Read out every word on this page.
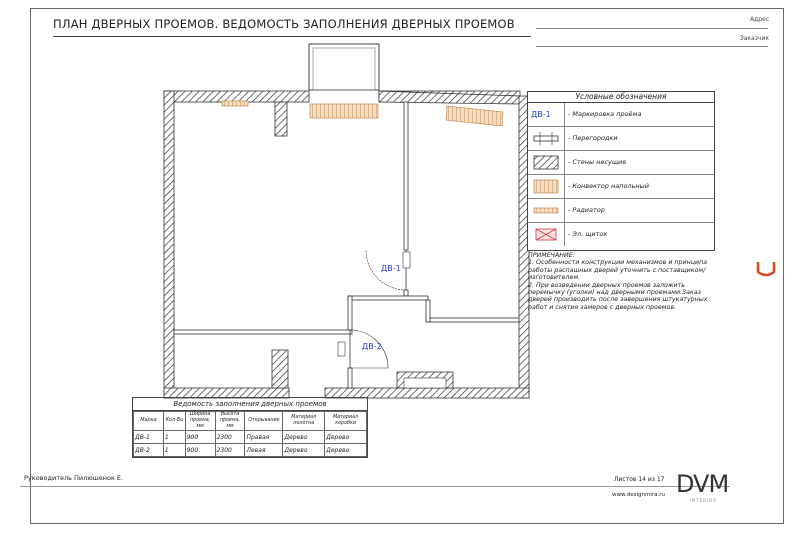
ПЛАН ДВЕРНЫХ ПРОЕМОВ. ВЕДОМОСТЬ ЗАПОЛНЕНИЯ ДВЕРНЫХ ПРОЕМОВ	Адрес
Заказчик
ДВ-1
ДВ-2
Условные обозначения
ДВ-1	- Маркировка проёма
- Перегородки
- Стены несущие
- Конвектор напольный
- Радиатор
- Эл. щиток
ПРИМЕЧАНИЕ:
1. Особенности конструкции механизмов и принципа работы распашных дверей уточнить с поставщиком/ изготовителем.
2. При возведении дверных проемов заложить перемычку (уголки) над дверными проемами.Заказ дверей производить после завершения штукатурных работ и снятия замеров с дверных проемов.
Ведомость заполнения дверных проемов
Марка	Кол-Во	Ширина проема, мм	Высота проема, мм	Открывание	Материал полотна	Материал коробки
ДВ-1	1	900	2300	Правая	Дерево	Дерево
ДВ-2	1	900	2300	Левая	Дерево	Дерево
Руководитель Пилюшенок Е.	Листов 14 из 17
www.designmira.ru DVM
INTERIOR
